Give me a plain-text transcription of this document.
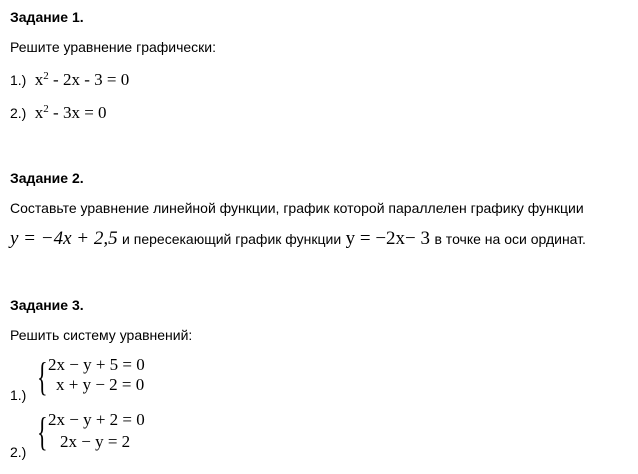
Задание 1.
Решите уравнение графически:
1.) $x^2 - 2x - 3 = 0$
2.) $x^2 - 3x = 0$
Задание 2.
Составьте уравнение линейной функции, график которой параллелен графику функции
y = −4x + 2,5 и пересекающий график функции y = −2x− 3 в точке на оси ординат.
Задание 3.
Решить систему уравнений:
1.) { 2x − y + 5 = 0
x + y − 2 = 0
2.) { 2x − y + 2 = 0
2x − y = 2
